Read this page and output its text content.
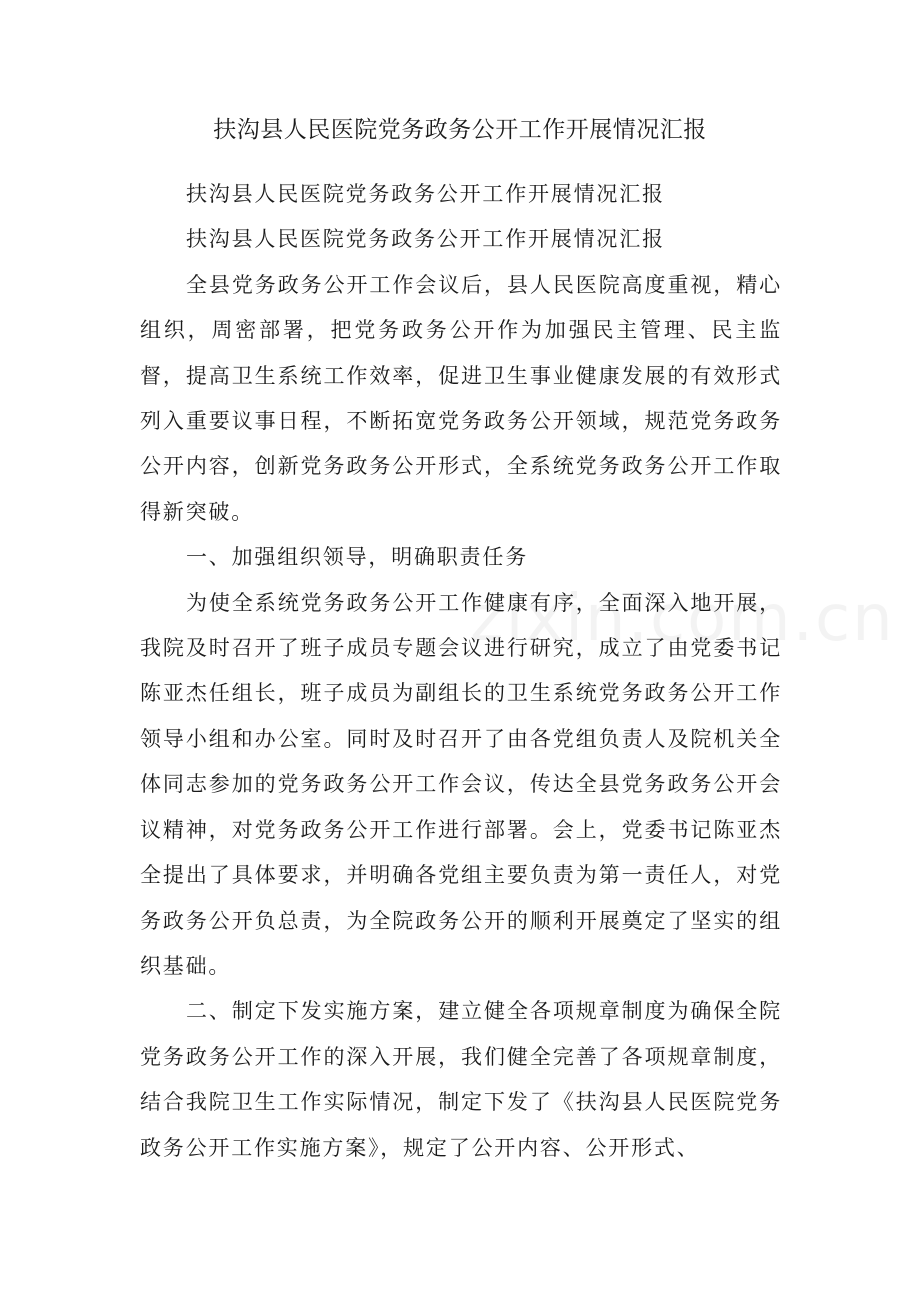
扶沟县人民医院党务政务公开工作开展情况汇报

扶沟县人民医院党务政务公开工作开展情况汇报

扶沟县人民医院党务政务公开工作开展情况汇报

全县党务政务公开工作会议后，县人民医院高度重视，精心组织，周密部署，把党务政务公开作为加强民主管理、民主监督，提高卫生系统工作效率，促进卫生事业健康发展的有效形式列入重要议事日程，不断拓宽党务政务公开领域，规范党务政务公开内容，创新党务政务公开形式，全系统党务政务公开工作取得新突破。

一、加强组织领导，明确职责任务

为使全系统党务政务公开工作健康有序，全面深入地开展，我院及时召开了班子成员专题会议进行研究，成立了由党委书记陈亚杰任组长，班子成员为副组长的卫生系统党务政务公开工作领导小组和办公室。同时及时召开了由各党组负责人及院机关全体同志参加的党务政务公开工作会议，传达全县党务政务公开会议精神，对党务政务公开工作进行部署。会上，党委书记陈亚杰全提出了具体要求，并明确各党组主要负责为第一责任人，对党务政务公开负总责，为全院政务公开的顺利开展奠定了坚实的组织基础。

二、制定下发实施方案，建立健全各项规章制度为确保全院党务政务公开工作的深入开展，我们健全完善了各项规章制度，结合我院卫生工作实际情况，制定下发了《扶沟县人民医院党务政务公开工作实施方案》，规定了公开内容、公开形式、
